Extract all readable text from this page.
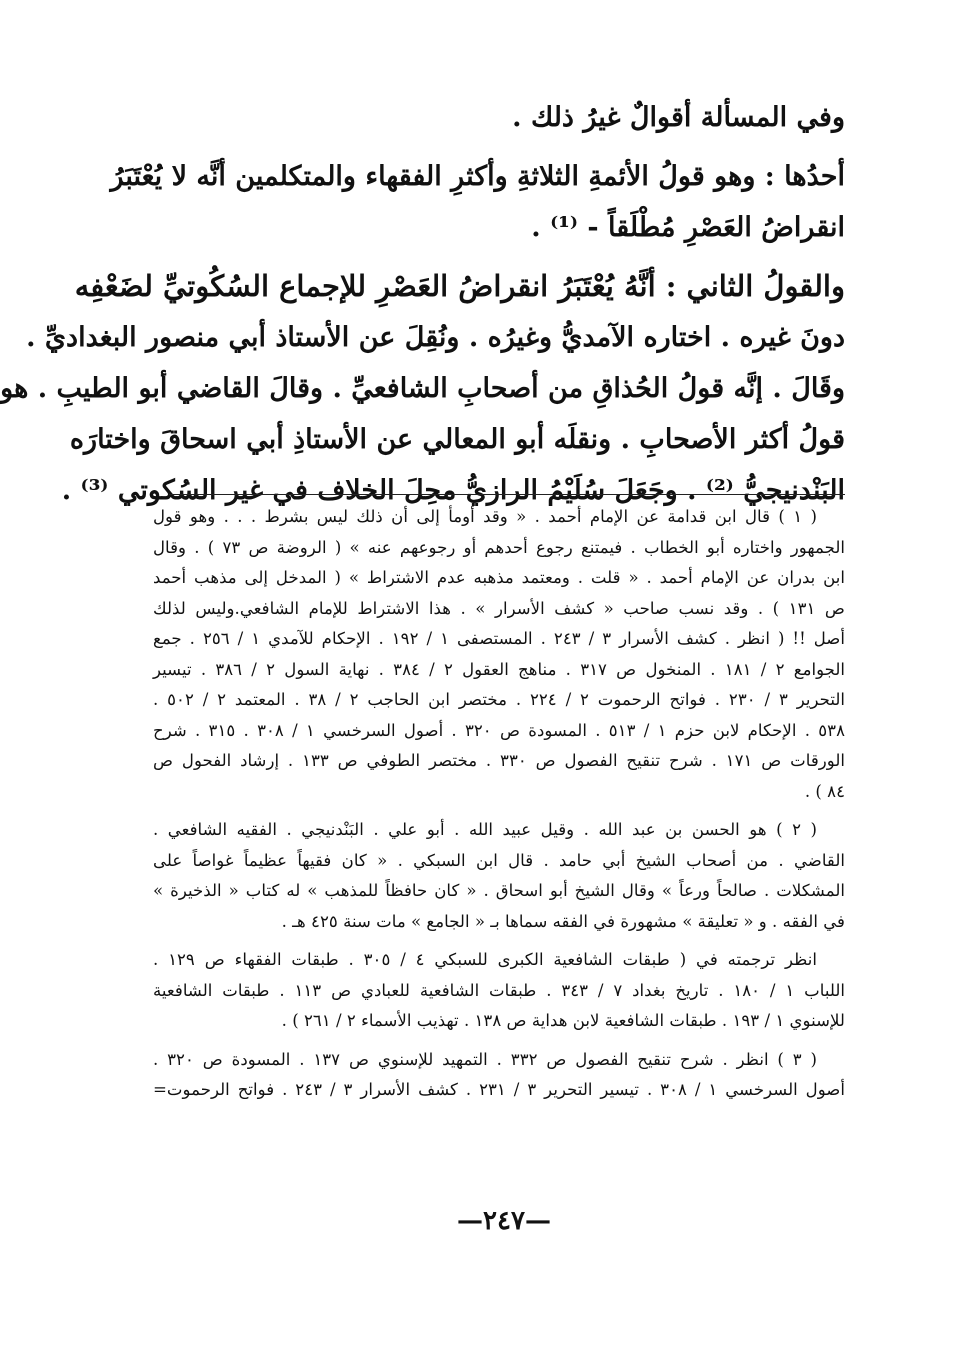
وفي المسألة أقوالٌ غيرُ ذلك .
أحدُها : وهو قولُ الأئمةِ الثلاثةِ وأكثرِ الفقهاء والمتكلمين أنَّه لا يُعْتَبَرُ
انقراضُ العَصْرِ مُطْلَقاً - ⁽¹⁾ .
والقولُ الثاني : أنَّهُ يُعْتَبَرُ انقراضُ العَصْرِ للإجماع السُكُوتيِّ لضَعْفِه
دونَ غيره . اختاره الآمديُّ وغيرُه . ونُقِلَ عن الأستاذ أبي منصور البغداديِّ .
وقَالَ . إنَّه قولُ الحُذاقِ من أصحابِ الشافعيِّ . وقالَ القاضي أبو الطيبِ . هو
قولُ أكثر الأصحابِ . ونقلَه أبو المعالي عن الأستاذِ أبي اسحاقَ واختارَه
البَنْدنيجيُّ ⁽²⁾ . وجَعَلَ سُلَيْمُ الرازيُّ محِلَ الخلاف في غير السُكوتي ⁽³⁾ .
( ١ ) قال ابن قدامة عن الإمام أحمد . « وقد أومأ إلى أن ذلك ليس بشرط . . . وهو قول
الجمهور واختاره أبو الخطاب . فيمتنع رجوع أحدهم أو رجوعهم عنه » ( الروضة ص ٧٣ ) . وقال
ابن بدران عن الإمام أحمد . « قلت . ومعتمد مذهبه عدم الاشتراط » ( المدخل إلى مذهب أحمد
ص ١٣١ ) . وقد نسب صاحب « كشف الأسرار » . هذا الاشتراط للإمام الشافعي.وليس لذلك
أصل !! ( انظر . كشف الأسرار ٣ / ٢٤٣ . المستصفى ١ / ١٩٢ . الإحكام للآمدي ١ / ٢٥٦ . جمع
الجوامع ٢ / ١٨١ . المنخول ص ٣١٧ . مناهج العقول ٢ / ٣٨٤ . نهاية السول ٢ / ٣٨٦ . تيسير
التحرير ٣ / ٢٣٠ . فواتح الرحموت ٢ / ٢٢٤ . مختصر ابن الحاجب ٢ / ٣٨ . المعتمد ٢ / ٥٠٢ .
٥٣٨ . الإحكام لابن حزم ١ / ٥١٣ . المسودة ص ٣٢٠ . أصول السرخسي ١ / ٣٠٨ . ٣١٥ . شرح
الورقات ص ١٧١ . شرح تنقيح الفصول ص ٣٣٠ . مختصر الطوفي ص ١٣٣ . إرشاد الفحول ص
٨٤ ) .
( ٢ ) هو الحسن بن عبد الله . وقيل عبيد الله . أبو علي . البَنْدنيجي . الفقيه الشافعي .
القاضي . من أصحاب الشيخ أبي حامد . قال ابن السبكي . « كان فقيهاً عظيماً غواصاً على
المشكلات . صالحاً ورعاً » وقال الشيخ أبو اسحاق . « كان حافظاً للمذهب » له كتاب « الذخيرة »
في الفقه . و « تعليقة » مشهورة في الفقه سماها بـ « الجامع » مات سنة ٤٢٥ هـ .
انظر ترجمته في ( طبقات الشافعية الكبرى للسبكي ٤ / ٣٠٥ . طبقات الفقهاء ص ١٢٩ .
اللباب ١ / ١٨٠ . تاريخ بغداد ٧ / ٣٤٣ . طبقات الشافعية للعبادي ص ١١٣ . طبقات الشافعية
للإسنوي ١ / ١٩٣ . طبقات الشافعية لابن هداية ص ١٣٨ . تهذيب الأسماء ٢ / ٢٦١ ) .
( ٣ ) انظر . شرح تنقيح الفصول ص ٣٣٢ . التمهيد للإسنوي ص ١٣٧ . المسودة ص ٣٢٠ .
أصول السرخسي ١ / ٣٠٨ . تيسير التحرير ٣ / ٢٣١ . كشف الأسرار ٣ / ٢٤٣ . فواتح الرحموت=
—٢٤٧—
